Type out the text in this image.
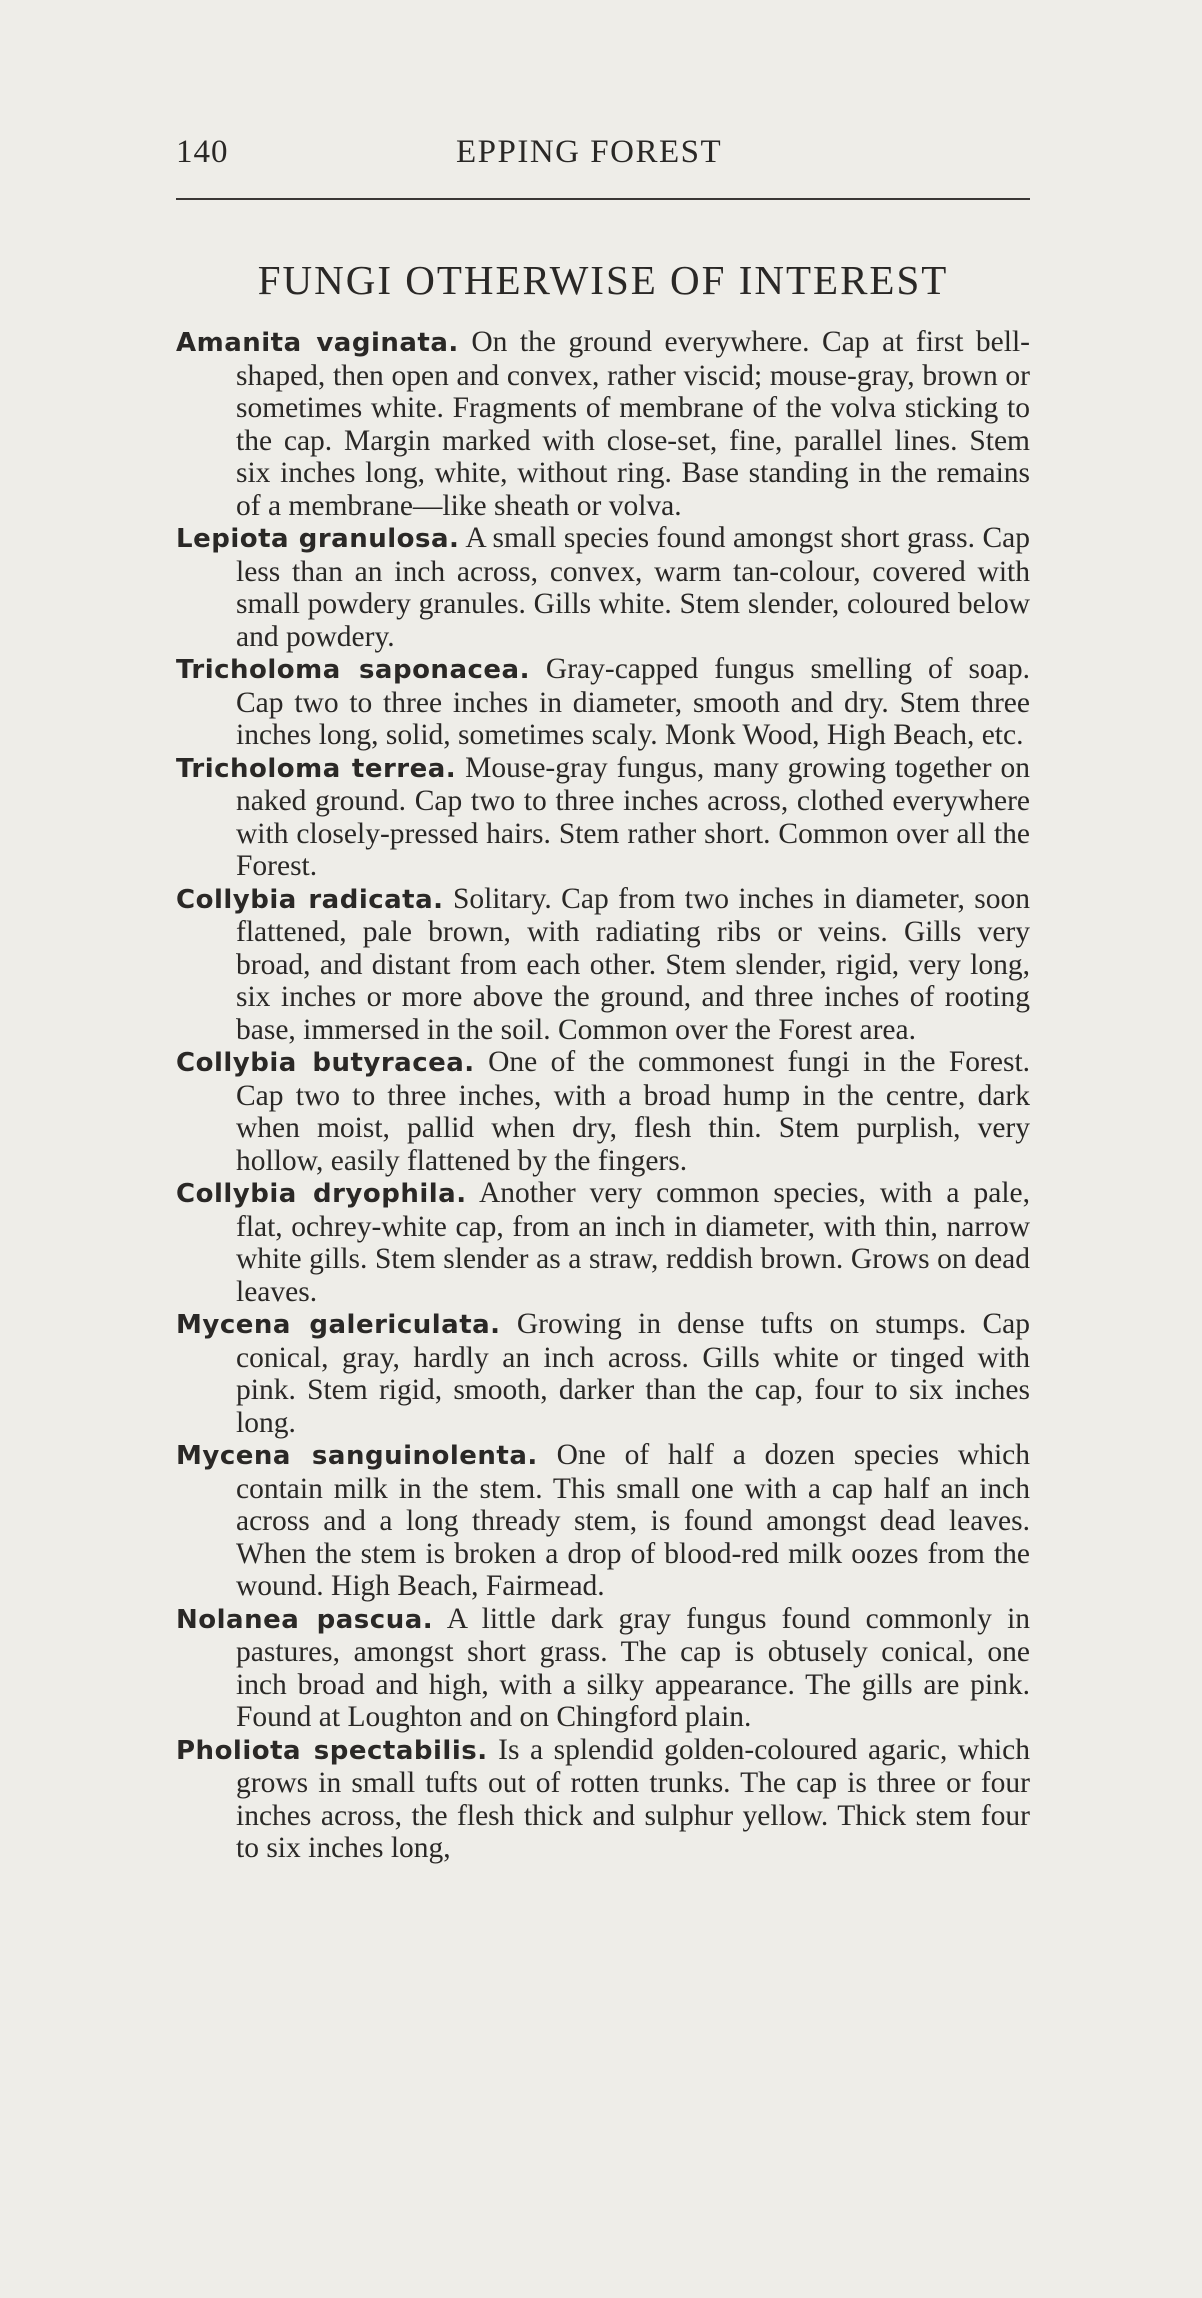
140	EPPING FOREST
FUNGI OTHERWISE OF INTEREST

Amanita vaginata. On the ground everywhere. Cap at first bell-shaped, then open and convex, rather viscid; mouse-gray, brown or sometimes white. Fragments of membrane of the volva sticking to the cap. Margin marked with close-set, fine, parallel lines. Stem six inches long, white, without ring. Base standing in the remains of a membrane—like sheath or volva.

Lepiota granulosa. A small species found amongst short grass. Cap less than an inch across, convex, warm tan-colour, covered with small powdery granules. Gills white. Stem slender, coloured below and powdery.

Tricholoma saponacea. Gray-capped fungus smelling of soap. Cap two to three inches in diameter, smooth and dry. Stem three inches long, solid, sometimes scaly. Monk Wood, High Beach, etc.

Tricholoma terrea. Mouse-gray fungus, many growing together on naked ground. Cap two to three inches across, clothed everywhere with closely-pressed hairs. Stem rather short. Common over all the Forest.

Collybia radicata. Solitary. Cap from two inches in diameter, soon flattened, pale brown, with radiating ribs or veins. Gills very broad, and distant from each other. Stem slender, rigid, very long, six inches or more above the ground, and three inches of rooting base, immersed in the soil. Common over the Forest area.

Collybia butyracea. One of the commonest fungi in the Forest. Cap two to three inches, with a broad hump in the centre, dark when moist, pallid when dry, flesh thin. Stem purplish, very hollow, easily flattened by the fingers.

Collybia dryophila. Another very common species, with a pale, flat, ochrey-white cap, from an inch in diameter, with thin, narrow white gills. Stem slender as a straw, reddish brown. Grows on dead leaves.

Mycena galericulata. Growing in dense tufts on stumps. Cap conical, gray, hardly an inch across. Gills white or tinged with pink. Stem rigid, smooth, darker than the cap, four to six inches long.

Mycena sanguinolenta. One of half a dozen species which contain milk in the stem. This small one with a cap half an inch across and a long thready stem, is found amongst dead leaves. When the stem is broken a drop of blood-red milk oozes from the wound. High Beach, Fairmead.

Nolanea pascua. A little dark gray fungus found commonly in pastures, amongst short grass. The cap is obtusely conical, one inch broad and high, with a silky appearance. The gills are pink. Found at Loughton and on Chingford plain.

Pholiota spectabilis. Is a splendid golden-coloured agaric, which grows in small tufts out of rotten trunks. The cap is three or four inches across, the flesh thick and sulphur yellow. Thick stem four to six inches long,
